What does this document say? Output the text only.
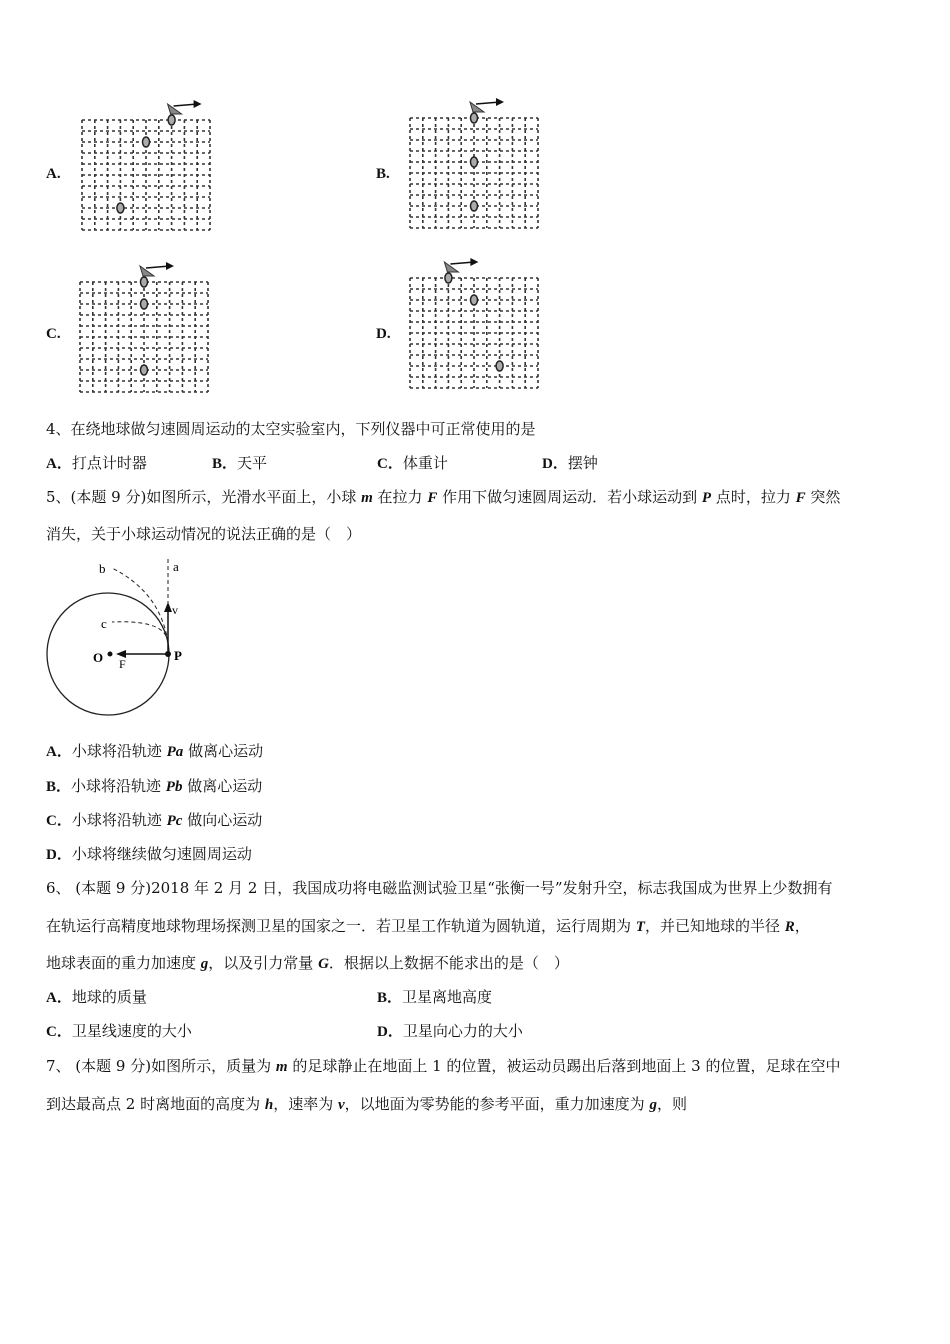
A.	B.
C.	D.
4、在绕地球做匀速圆周运动的太空实验室内，下列仪器中可正常使用的是
A．打点计时器	B．天平	C．体重计	D．摆钟
5、(本题 9 分)如图所示，光滑水平面上，小球 m 在拉力 F 作用下做匀速圆周运动．若小球运动到 P 点时，拉力 F 突然
消失，关于小球运动情况的说法正确的是（　）
b	a
v
c
O F
P
A．小球将沿轨迹 Pa 做离心运动
B．小球将沿轨迹 Pb 做离心运动
C．小球将沿轨迹 Pc 做向心运动
D．小球将继续做匀速圆周运动
6、 (本题 9 分)2018 年 2 月 2 日，我国成功将电磁监测试验卫星“张衡一号”发射升空，标志我国成为世界上少数拥有
在轨运行高精度地球物理场探测卫星的国家之一．若卫星工作轨道为圆轨道，运行周期为 T，并已知地球的半径 R，
地球表面的重力加速度 g，以及引力常量 G．根据以上数据不能求出的是（　）
A．地球的质量	B．卫星离地高度
C．卫星线速度的大小	D．卫星向心力的大小
7、 (本题 9 分)如图所示，质量为 m 的足球静止在地面上 1 的位置，被运动员踢出后落到地面上 3 的位置，足球在空中
到达最高点 2 时离地面的高度为 h，速率为 v，以地面为零势能的参考平面，重力加速度为 g，则
